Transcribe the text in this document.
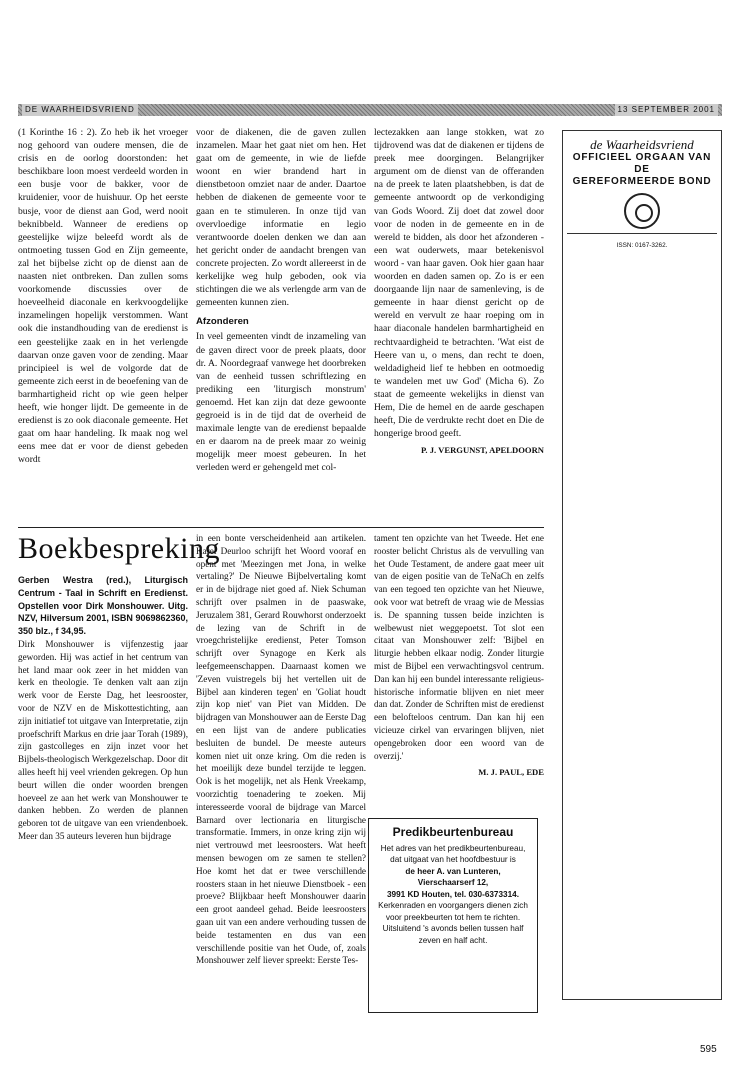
DE WAARHEIDSVRIEND	13 SEPTEMBER 2001

(1 Korinthe 16 : 2). Zo heb ik het vroeger nog gehoord van oudere mensen, die de crisis en de oorlog doorstonden: het beschikbare loon moest verdeeld worden in een busje voor de bakker, voor de kruidenier, voor de huishuur. Op het eerste busje, voor de dienst aan God, werd nooit beknibbeld. Wanneer de erediens op geestelijke wijze beleefd wordt als de ontmoeting tussen God en Zijn gemeente, zal het bijbelse zicht op de dienst aan de naasten niet ontbreken. Dan zullen soms voorkomende discussies over de hoeveelheid diaconale en kerkvoogdelijke inzamelingen hopelijk verstommen. Want ook die instandhouding van de eredienst is een geestelijke zaak en in het verlengde daarvan onze gaven voor de zending. Maar principieel is wel de volgorde dat de gemeente zich eerst in de beoefening van de barmhartigheid richt op wie geen helper heeft, wie honger lijdt. De gemeente in de eredienst is zo ook diaconale gemeente. Het gaat om haar handeling. Ik maak nog wel eens mee dat er voor de dienst gebeden wordt

voor de diakenen, die de gaven zullen inzamelen. Maar het gaat niet om hen. Het gaat om de gemeente, in wie de liefde woont en wier brandend hart in dienstbetoon omziet naar de ander. Daartoe hebben de diakenen de gemeente voor te gaan en te stimuleren. In onze tijd van overvloedige informatie en legio verantwoorde doelen denken we dan aan het gericht onder de aandacht brengen van concrete projecten. Zo wordt allereerst in de kerkelijke weg hulp geboden, ook via stichtingen die we als verlengde arm van de gemeenten kunnen zien.

Afzonderen

In veel gemeenten vindt de inzameling van de gaven direct voor de preek plaats, door dr. A. Noordegraaf vanwege het doorbreken van de eenheid tussen schriftlezing en prediking een 'liturgisch monstrum' genoemd. Het kan zijn dat deze gewoonte gegroeid is in de tijd dat de overheid de maximale lengte van de eredienst bepaalde en er daarom na de preek maar zo weinig mogelijk meer moest gebeuren. In het verleden werd er gehengeld met col-

lectezakken aan lange stokken, wat zo tijdrovend was dat de diakenen er tijdens de preek mee doorgingen. Belangrijker argument om de dienst van de offeranden na de preek te laten plaatshebben, is dat de gemeente antwoordt op de verkondiging van Gods Woord. Zij doet dat zowel door voor de noden in de gemeente en in de wereld te bidden, als door het afzonderen - een wat ouderwets, maar betekenisvol woord - van haar gaven. Ook hier gaan haar woorden en daden samen op. Zo is er een doorgaande lijn naar de samenleving, is de gemeente in haar dienst gericht op de wereld en vervult ze haar roeping om in haar diaconale handelen barmhartigheid en rechtvaardigheid te betrachten. 'Wat eist de Heere van u, o mens, dan recht te doen, weldadigheid lief te hebben en ootmoedig te wandelen met uw God' (Micha 6). Zo staat de gemeente wekelijks in dienst van Hem, Die de hemel en de aarde geschapen heeft, Die de verdrukte recht doet en Die de hongerige brood geeft.

P. J. VERGUNST, APELDOORN
Boekbespreking

Gerben Westra (red.), Liturgisch Centrum - Taal in Schrift en Eredienst. Opstellen voor Dirk Monshouwer. Uitg. NZV, Hilversum 2001, ISBN 9069862360, 350 blz., f 34,95.

Dirk Monshouwer is vijfenzestig jaar geworden. Hij was actief in het centrum van het land maar ook zeer in het midden van kerk en theologie. Te denken valt aan zijn werk voor de Eerste Dag, het leesrooster, voor de NZV en de Miskottestichting, aan zijn initiatief tot uitgave van Interpretatie, zijn proefschrift Markus en drie jaar Torah (1989), zijn gastcolleges en zijn inzet voor het Bijbels-theologisch Werkgezelschap. Door dit alles heeft hij veel vrienden gekregen. Op hun beurt willen die onder woorden brengen hoeveel ze aan het werk van Monshouwer te danken hebben. Zo werden de plannen geboren tot de uitgave van een vriendenboek. Meer dan 35 auteurs leveren hun bijdrage

in een bonte verscheidenheid aan artikelen. Karel Deurloo schrijft het Woord vooraf en opent met 'Meezingen met Jona, in welke vertaling?' De Nieuwe Bijbelvertaling komt er in de bijdrage niet goed af. Niek Schuman schrijft over psalmen in de paaswake, Jeruzalem 381, Gerard Rouwhorst onderzoekt de lezing van de Schrift in de vroegchristelijke eredienst, Peter Tomson schrijft over Synagoge en Kerk als leefgemeenschappen. Daarnaast komen we 'Zeven vuistregels bij het vertellen uit de Bijbel aan kinderen tegen' en 'Goliat houdt zijn kop niet' van Piet van Midden. De bijdragen van Monshouwer aan de Eerste Dag en een lijst van de andere publicaties besluiten de bundel. De meeste auteurs komen niet uit onze kring. Om die reden is het moeilijk deze bundel terzijde te leggen. Ook is het mogelijk, net als Henk Vreekamp, voorzichtig toenadering te zoeken. Mij interesseerde vooral de bijdrage van Marcel Barnard over lectionaria en liturgische transformatie. Immers, in onze kring zijn wij niet vertrouwd met leesroosters. Wat heeft mensen bewogen om ze samen te stellen? Hoe komt het dat er twee verschillende roosters staan in het nieuwe Dienstboek - een proeve? Blijkbaar heeft Monshouwer daarin een groot aandeel gehad. Beide leesroosters gaan uit van een andere verhouding tussen de beide testamenten en dus van een verschillende positie van het Oude, of, zoals Monshouwer zelf liever spreekt: Eerste Tes-

tament ten opzichte van het Tweede. Het ene rooster belicht Christus als de vervulling van het Oude Testament, de andere gaat meer uit van de eigen positie van de TeNaCh en zelfs van een tegoed ten opzichte van het Nieuwe, ook voor wat betreft de vraag wie de Messias is. De spanning tussen beide inzichten is welbewust niet weggepoetst. Tot slot een citaat van Monshouwer zelf: 'Bijbel en liturgie hebben elkaar nodig. Zonder liturgie mist de Bijbel een verwachtingsvol centrum. Dan kan hij een bundel interessante religieus-historische informatie blijven en niet meer dan dat. Zonder de Schriften mist de eredienst een belofteloos centrum. Dan kan hij een vicieuze cirkel van ervaringen blijven, niet opengebroken door een woord van de overzij.'

M. J. PAUL, EDE
Predikbeurtenbureau
Het adres van het predikbeurtenbureau, dat uitgaat van het hoofdbestuur is
de heer A. van Lunteren,
Vierschaarserf 12,
3991 KD Houten, tel. 030-6373314.
Kerkenraden en voorgangers dienen zich voor preekbeurten tot hem te richten.
Uitsluitend 's avonds bellen tussen half zeven en half acht.
de Waarheidsvriend
OFFICIEEL ORGAAN VAN DE
GEREFORMEERDE BOND
ISSN: 0167-3262.
595
